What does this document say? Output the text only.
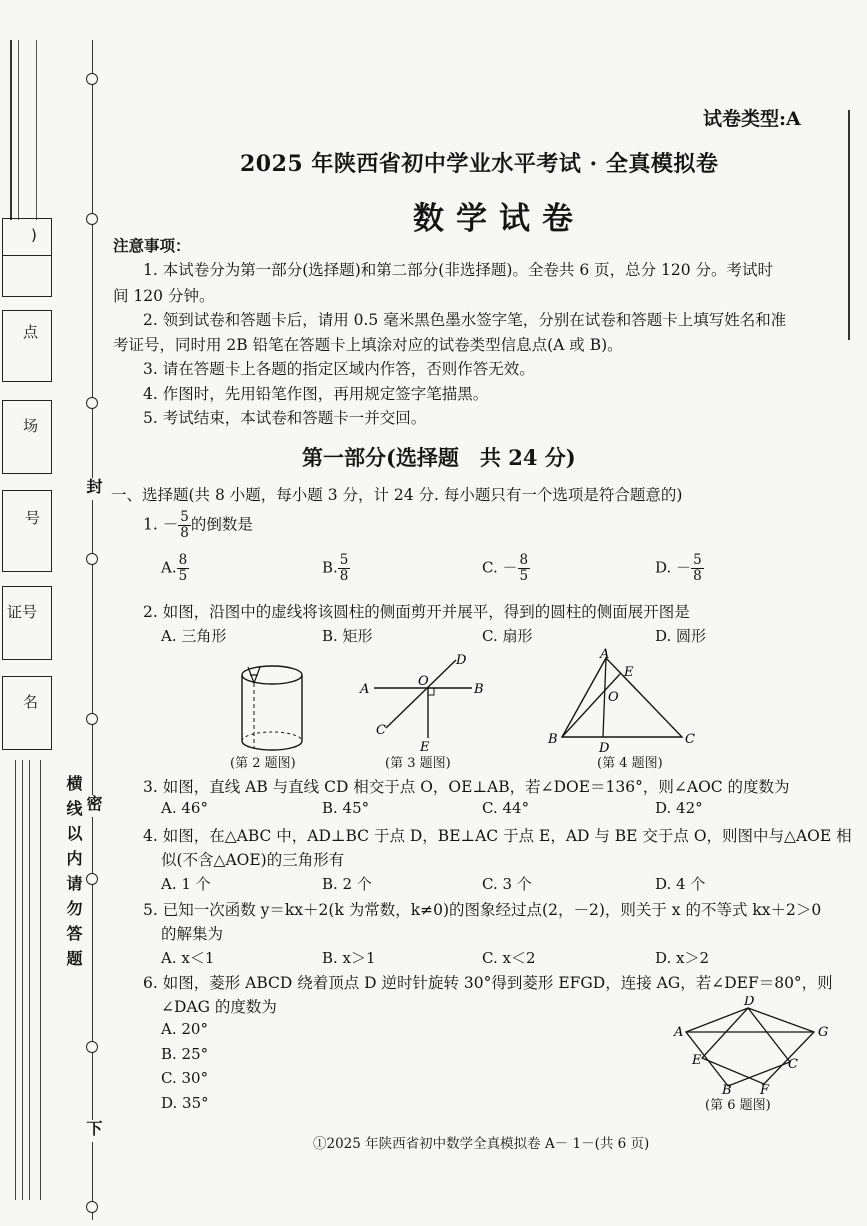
)
点
场
号
证号
名
封
密
横线以内请勿答题
下
试卷类型:A
2025 年陕西省初中学业水平考试 · 全真模拟卷
数学试卷
注意事项：
1. 本试卷分为第一部分(选择题)和第二部分(非选择题)。全卷共 6 页，总分 120 分。考试时
间 120 分钟。
2. 领到试卷和答题卡后，请用 0.5 毫米黑色墨水签字笔，分别在试卷和答题卡上填写姓名和准
考证号，同时用 2B 铅笔在答题卡上填涂对应的试卷类型信息点(A 或 B)。
3. 请在答题卡上各题的指定区域内作答，否则作答无效。
4. 作图时，先用铅笔作图，再用规定签字笔描黑。
5. 考试结束，本试卷和答题卡一并交回。
第一部分(选择题　共 24 分)
一、选择题(共 8 小题，每小题 3 分，计 24 分. 每小题只有一个选项是符合题意的)
1. － $\frac{5}{8}$ 的倒数是
A. $\frac{8}{5}$	B. $\frac{5}{8}$	C. － $\frac{8}{5}$	D. － $\frac{5}{8}$
2. 如图，沿图中的虚线将该圆柱的侧面剪开并展平，得到的圆柱的侧面展开图是
A. 三角形	B. 矩形	C. 扇形	D. 圆形
(第 2 题图)
A	B
C
D
E
O
(第 3 题图)
A
B	C
D
E
O
(第 4 题图)
3. 如图，直线 AB 与直线 CD 相交于点 O，OE⊥AB，若∠DOE＝136°，则∠AOC 的度数为
A. 46°	B. 45°	C. 44°	D. 42°
4. 如图，在△ABC 中，AD⊥BC 于点 D，BE⊥AC 于点 E，AD 与 BE 交于点 O，则图中与△AOE 相
似(不含△AOE)的三角形有
A. 1 个	B. 2 个	C. 3 个	D. 4 个
5. 已知一次函数 y＝kx＋2(k 为常数，k≠0)的图象经过点(2，－2)，则关于 x 的不等式 kx＋2＞0
的解集为
A. x＜1	B. x＞1	C. x＜2	D. x＞2
6. 如图，菱形 ABCD 绕着顶点 D 逆时针旋转 30°得到菱形 EFGD，连接 AG，若∠DEF＝80°，则
∠DAG 的度数为
A. 20°
B. 25°
C. 30°
D. 35°
A
B
C
D
E
F
G
(第 6 题图)
①2025 年陕西省初中数学全真模拟卷 A－ 1－(共 6 页)
